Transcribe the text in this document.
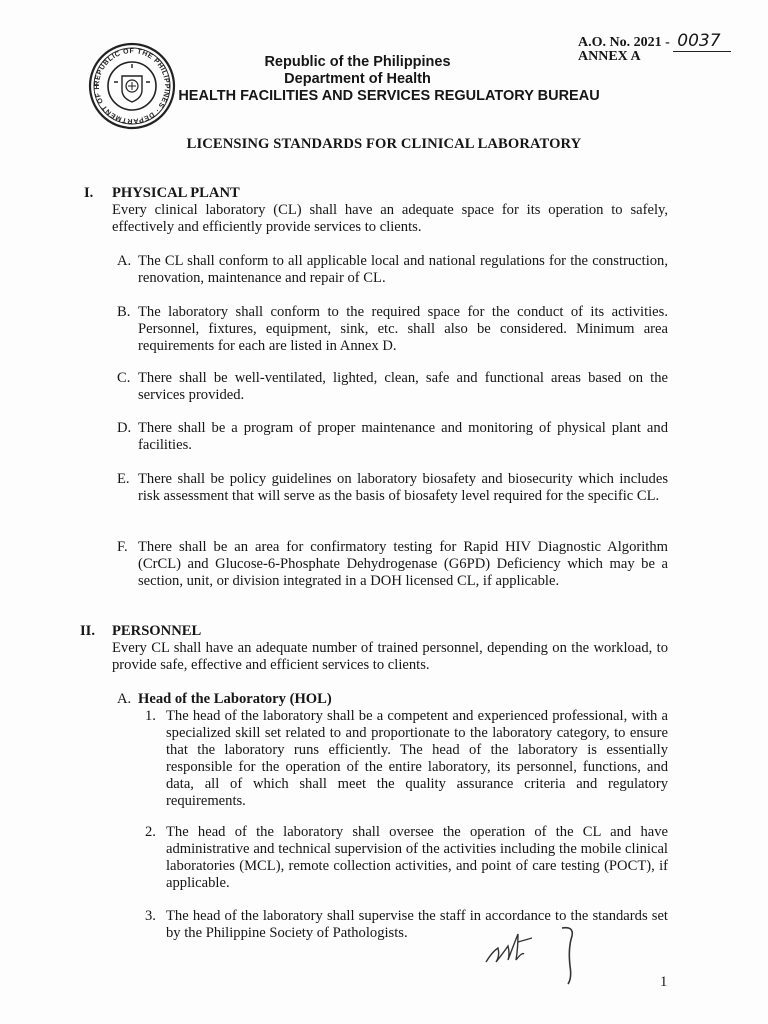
REPUBLIC OF THE PHILIPPINES · DEPARTMENT OF H
Republic of the Philippines
Department of Health
HEALTH FACILITIES AND SERVICES REGULATORY BUREAU
A.O. No. 2021 - 0037
ANNEX A
LICENSING STANDARDS FOR CLINICAL LABORATORY
I. PHYSICAL PLANT

Every clinical laboratory (CL) shall have an adequate space for its operation to safely, effectively and efficiently provide services to clients.

A. The CL shall conform to all applicable local and national regulations for the construction, renovation, maintenance and repair of CL.

B. The laboratory shall conform to the required space for the conduct of its activities. Personnel, fixtures, equipment, sink, etc. shall also be considered. Minimum area requirements for each are listed in Annex D.

C. There shall be well-ventilated, lighted, clean, safe and functional areas based on the services provided.

D. There shall be a program of proper maintenance and monitoring of physical plant and facilities.

E. There shall be policy guidelines on laboratory biosafety and biosecurity which includes risk assessment that will serve as the basis of biosafety level required for the specific CL.

F. There shall be an area for confirmatory testing for Rapid HIV Diagnostic Algorithm (CrCL) and Glucose-6-Phosphate Dehydrogenase (G6PD) Deficiency which may be a section, unit, or division integrated in a DOH licensed CL, if applicable.

II. PERSONNEL

Every CL shall have an adequate number of trained personnel, depending on the workload, to provide safe, effective and efficient services to clients.

A. Head of the Laboratory (HOL)
1. The head of the laboratory shall be a competent and experienced professional, with a specialized skill set related to and proportionate to the laboratory category, to ensure that the laboratory runs efficiently. The head of the laboratory is essentially responsible for the operation of the entire laboratory, its personnel, functions, and data, all of which shall meet the quality assurance criteria and regulatory requirements.

2. The head of the laboratory shall oversee the operation of the CL and have administrative and technical supervision of the activities including the mobile clinical laboratories (MCL), remote collection activities, and point of care testing (POCT), if applicable.

3. The head of the laboratory shall supervise the staff in accordance to the standards set by the Philippine Society of Pathologists.

1
